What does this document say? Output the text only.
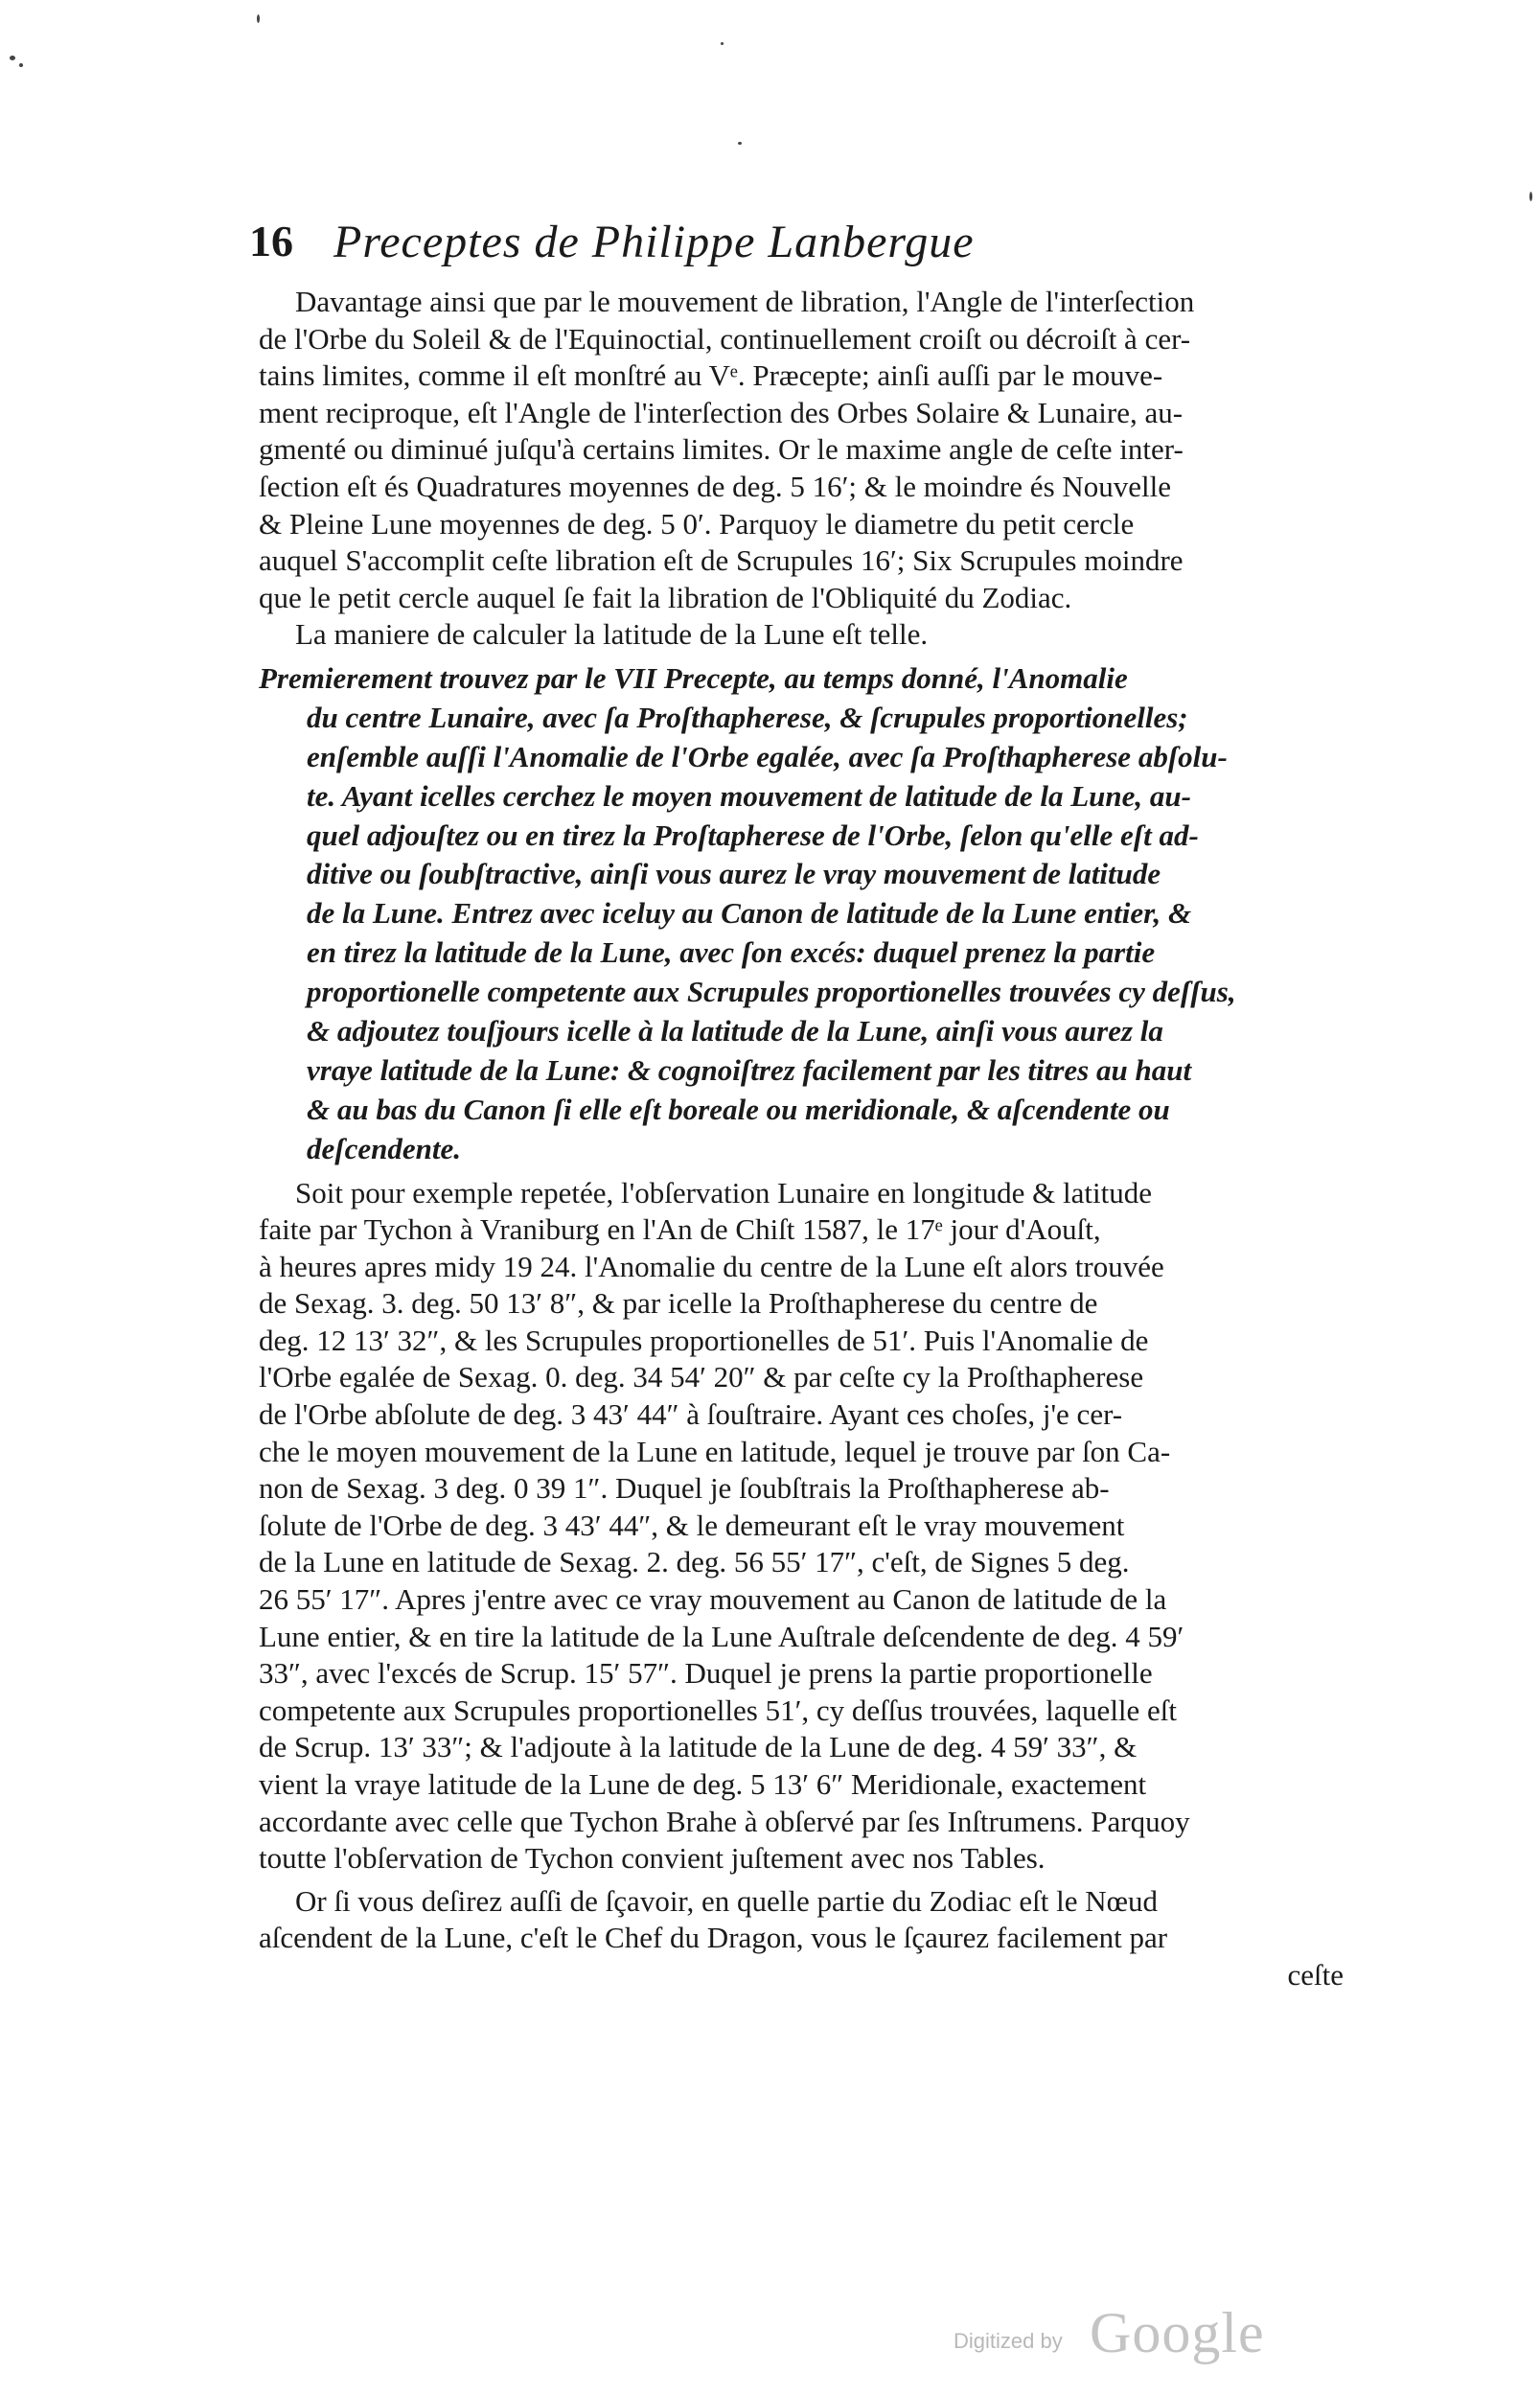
16 Preceptes de Philippe Lanbergue
Davantage ainsi que par le mouvement de libration, l'Angle de l'interſection
de l'Orbe du Soleil & de l'Equinoctial, continuellement croiſt ou décroiſt à cer-
tains limites, comme il eſt monſtré au Vᵉ. Præcepte; ainſi auſſi par le mouve-
ment reciproque, eſt l'Angle de l'interſection des Orbes Solaire & Lunaire, au-
gmenté ou diminué juſqu'à certains limites. Or le maxime angle de ceſte inter-
ſection eſt és Quadratures moyennes de deg. 5 16′; & le moindre és Nouvelle
& Pleine Lune moyennes de deg. 5 0′. Parquoy le diametre du petit cercle
auquel S'accomplit ceſte libration eſt de Scrupules 16′; Six Scrupules moindre
que le petit cercle auquel ſe fait la libration de l'Obliquité du Zodiac.
La maniere de calculer la latitude de la Lune eſt telle.
Premierement trouvez par le VII Precepte, au temps donné, l'Anomalie
du centre Lunaire, avec ſa Proſthapherese, & ſcrupules proportionelles;
enſemble auſſi l'Anomalie de l'Orbe egalée, avec ſa Proſthapherese abſolu-
te. Ayant icelles cerchez le moyen mouvement de latitude de la Lune, au-
quel adjouſtez ou en tirez la Proſtapherese de l'Orbe, ſelon qu'elle eſt ad-
ditive ou ſoubſtractive, ainſi vous aurez le vray mouvement de latitude
de la Lune. Entrez avec iceluy au Canon de latitude de la Lune entier, &
en tirez la latitude de la Lune, avec ſon excés: duquel prenez la partie
proportionelle competente aux Scrupules proportionelles trouvées cy deſſus,
& adjoutez touſjours icelle à la latitude de la Lune, ainſi vous aurez la
vraye latitude de la Lune: & cognoiſtrez facilement par les titres au haut
& au bas du Canon ſi elle eſt boreale ou meridionale, & aſcendente ou
deſcendente.
Soit pour exemple repetée, l'obſervation Lunaire en longitude & latitude
faite par Tychon à Vraniburg en l'An de Chiſt 1587, le 17ᵉ jour d'Aouſt,
à heures apres midy 19 24. l'Anomalie du centre de la Lune eſt alors trouvée
de Sexag. 3. deg. 50 13′ 8″, & par icelle la Proſthapherese du centre de
deg. 12 13′ 32″, & les Scrupules proportionelles de 51′. Puis l'Anomalie de
l'Orbe egalée de Sexag. 0. deg. 34 54′ 20″ & par ceſte cy la Proſthapherese
de l'Orbe abſolute de deg. 3 43′ 44″ à ſouſtraire. Ayant ces choſes, j'e cer-
che le moyen mouvement de la Lune en latitude, lequel je trouve par ſon Ca-
non de Sexag. 3 deg. 0 39 1″. Duquel je ſoubſtrais la Proſthapherese ab-
ſolute de l'Orbe de deg. 3 43′ 44″, & le demeurant eſt le vray mouvement
de la Lune en latitude de Sexag. 2. deg. 56 55′ 17″, c'eſt, de Signes 5 deg.
26 55′ 17″. Apres j'entre avec ce vray mouvement au Canon de latitude de la
Lune entier, & en tire la latitude de la Lune Auſtrale deſcendente de deg. 4 59′
33″, avec l'excés de Scrup. 15′ 57″. Duquel je prens la partie proportionelle
competente aux Scrupules proportionelles 51′, cy deſſus trouvées, laquelle eſt
de Scrup. 13′ 33″; & l'adjoute à la latitude de la Lune de deg. 4 59′ 33″, &
vient la vraye latitude de la Lune de deg. 5 13′ 6″ Meridionale, exactement
accordante avec celle que Tychon Brahe à obſervé par ſes Inſtrumens. Parquoy
toutte l'obſervation de Tychon convient juſtement avec nos Tables.
Or ſi vous deſirez auſſi de ſçavoir, en quelle partie du Zodiac eſt le Nœud
aſcendent de la Lune, c'eſt le Chef du Dragon, vous le ſçaurez facilement par
ceſte
Digitized by Google
